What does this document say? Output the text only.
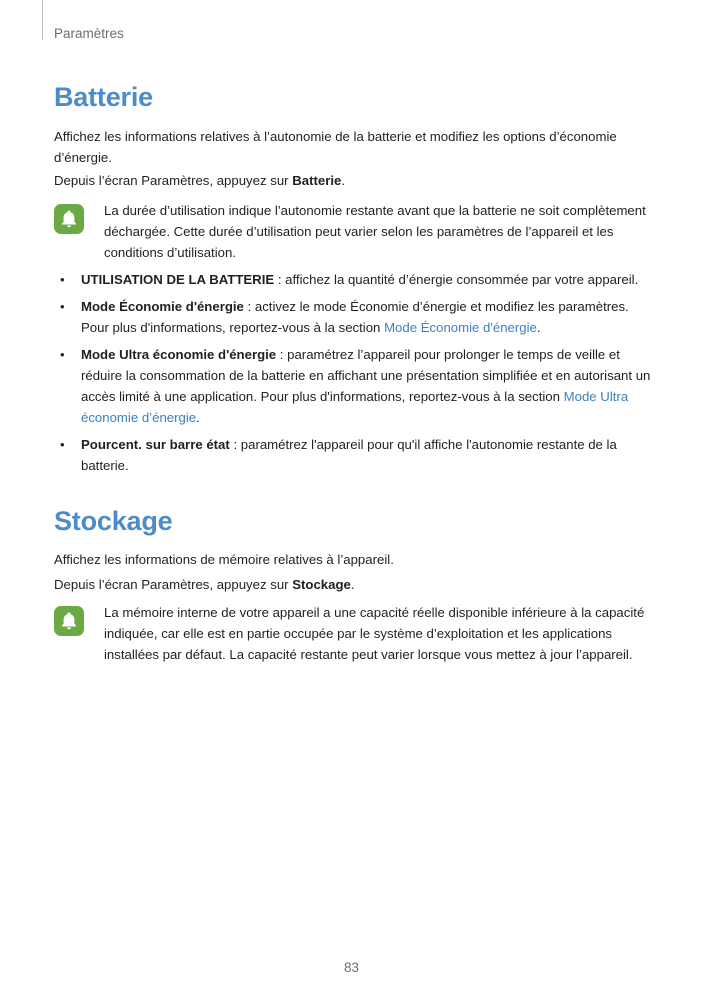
Paramètres
Batterie

Affichez les informations relatives à l’autonomie de la batterie et modifiez les options d’économie d’énergie.

Depuis l’écran Paramètres, appuyez sur Batterie.

La durée d’utilisation indique l’autonomie restante avant que la batterie ne soit complètement déchargée. Cette durée d’utilisation peut varier selon les paramètres de l’appareil et les conditions d’utilisation.

• UTILISATION DE LA BATTERIE : affichez la quantité d’énergie consommée par votre appareil.
• Mode Économie d'énergie : activez le mode Économie d’énergie et modifiez les paramètres. Pour plus d'informations, reportez-vous à la section Mode Économie d'énergie.
• Mode Ultra économie d'énergie : paramétrez l’appareil pour prolonger le temps de veille et réduire la consommation de la batterie en affichant une présentation simplifiée et en autorisant un accès limité à une application. Pour plus d'informations, reportez-vous à la section Mode Ultra économie d’énergie.
• Pourcent. sur barre état : paramétrez l'appareil pour qu'il affiche l'autonomie restante de la batterie.
Stockage

Affichez les informations de mémoire relatives à l’appareil.

Depuis l’écran Paramètres, appuyez sur Stockage.

La mémoire interne de votre appareil a une capacité réelle disponible inférieure à la capacité indiquée, car elle est en partie occupée par le système d’exploitation et les applications installées par défaut. La capacité restante peut varier lorsque vous mettez à jour l’appareil.

83
